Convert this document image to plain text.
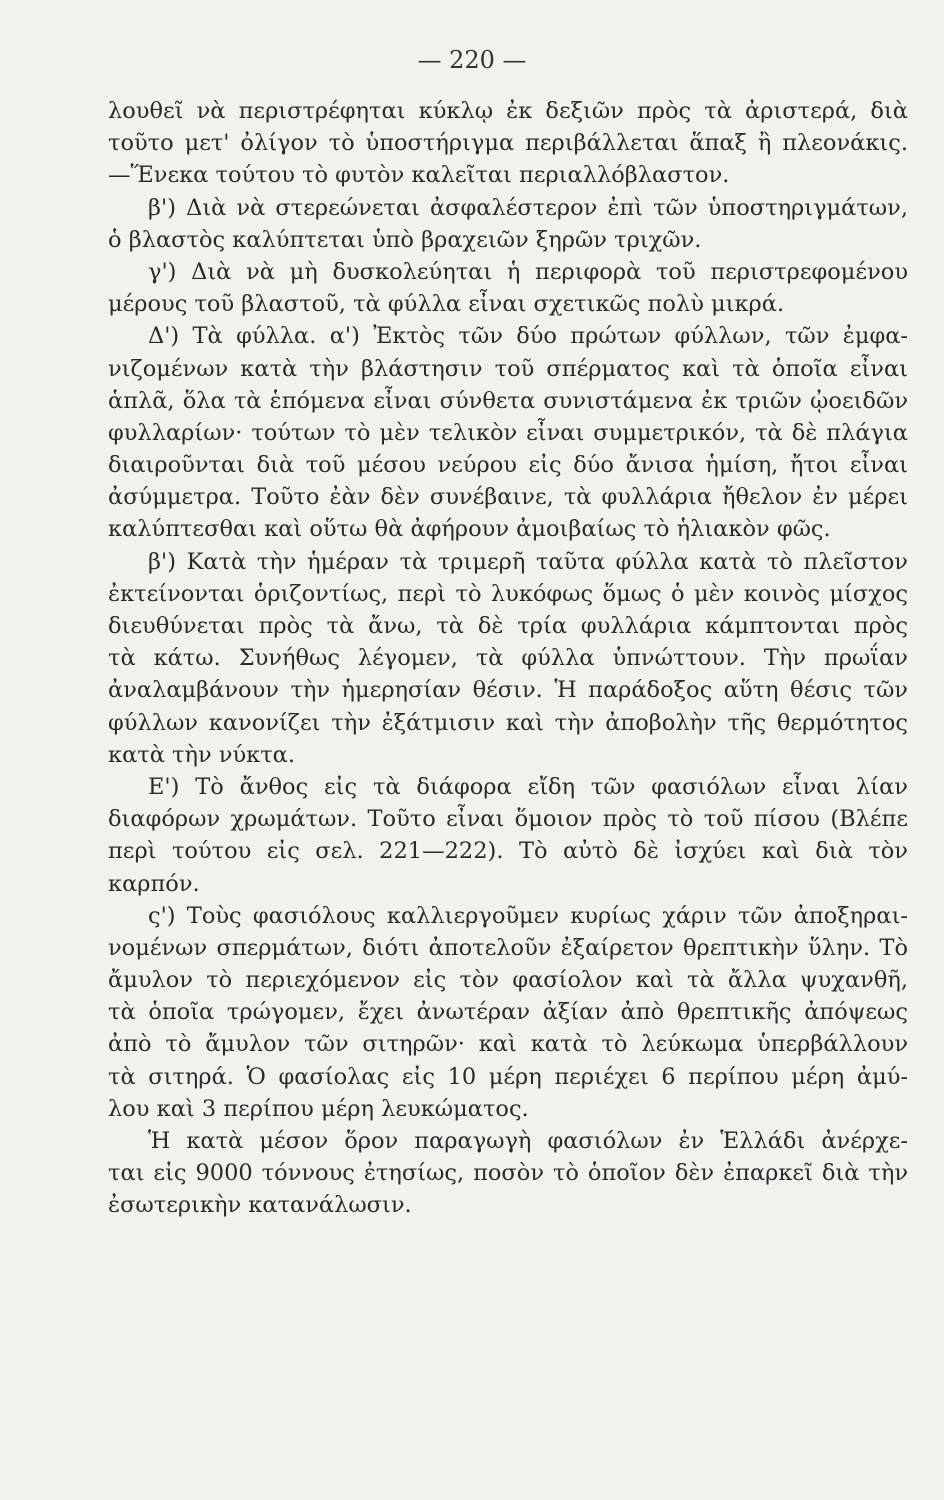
— 220 —
λουθεῖ νὰ περιστρέφηται κύκλῳ ἐκ δεξιῶν πρὸς τὰ ἀριστερά, διὰ
τοῦτο μετ' ὀλίγον τὸ ὑποστήριγμα περιβάλλεται ἅπαξ ἢ πλεονάκις.
—Ἕνεκα τούτου τὸ φυτὸν καλεῖται περιαλλόβλαστον.
β') Διὰ νὰ στερεώνεται ἀσφαλέστερον ἐπὶ τῶν ὑποστηριγμάτων,
ὁ βλαστὸς καλύπτεται ὑπὸ βραχειῶν ξηρῶν τριχῶν.
γ') Διὰ νὰ μὴ δυσκολεύηται ἡ περιφορὰ τοῦ περιστρεφομένου
μέρους τοῦ βλαστοῦ, τὰ φύλλα εἶναι σχετικῶς πολὺ μικρά.
Δ') Τὰ φύλλα. α') Ἐκτὸς τῶν δύο πρώτων φύλλων, τῶν ἐμφα-
νιζομένων κατὰ τὴν βλάστησιν τοῦ σπέρματος καὶ τὰ ὁποῖα εἶναι
ἁπλᾶ, ὅλα τὰ ἑπόμενα εἶναι σύνθετα συνιστάμενα ἐκ τριῶν ᾠοειδῶν
φυλλαρίων· τούτων τὸ μὲν τελικὸν εἶναι συμμετρικόν, τὰ δὲ πλάγια
διαιροῦνται διὰ τοῦ μέσου νεύρου εἰς δύο ἄνισα ἡμίση, ἤτοι εἶναι
ἀσύμμετρα. Τοῦτο ἐὰν δὲν συνέβαινε, τὰ φυλλάρια ἤθελον ἐν μέρει
καλύπτεσθαι καὶ οὕτω θὰ ἀφήρουν ἀμοιβαίως τὸ ἡλιακὸν φῶς.
β') Κατὰ τὴν ἡμέραν τὰ τριμερῆ ταῦτα φύλλα κατὰ τὸ πλεῖστον
ἐκτείνονται ὁριζοντίως, περὶ τὸ λυκόφως ὅμως ὁ μὲν κοινὸς μίσχος
διευθύνεται πρὸς τὰ ἄνω, τὰ δὲ τρία φυλλάρια κάμπτονται πρὸς
τὰ κάτω. Συνήθως λέγομεν, τὰ φύλλα ὑπνώττουν. Τὴν πρωΐαν
ἀναλαμβάνουν τὴν ἡμερησίαν θέσιν. Ἡ παράδοξος αὕτη θέσις τῶν
φύλλων κανονίζει τὴν ἐξάτμισιν καὶ τὴν ἀποβολὴν τῆς θερμότητος
κατὰ τὴν νύκτα.
Ε') Τὸ ἄνθος εἰς τὰ διάφορα εἴδη τῶν φασιόλων εἶναι λίαν
διαφόρων χρωμάτων. Τοῦτο εἶναι ὅμοιον πρὸς τὸ τοῦ πίσου (Βλέπε
περὶ τούτου εἰς σελ. 221—222). Τὸ αὐτὸ δὲ ἰσχύει καὶ διὰ τὸν
καρπόν.
ς') Τοὺς φασιόλους καλλιεργοῦμεν κυρίως χάριν τῶν ἀποξηραι-
νομένων σπερμάτων, διότι ἀποτελοῦν ἐξαίρετον θρεπτικὴν ὕλην. Τὸ
ἄμυλον τὸ περιεχόμενον εἰς τὸν φασίολον καὶ τὰ ἄλλα ψυχανθῆ,
τὰ ὁποῖα τρώγομεν, ἔχει ἀνωτέραν ἀξίαν ἀπὸ θρεπτικῆς ἀπόψεως
ἀπὸ τὸ ἄμυλον τῶν σιτηρῶν· καὶ κατὰ τὸ λεύκωμα ὑπερβάλλουν
τὰ σιτηρά. Ὁ φασίολας εἰς 10 μέρη περιέχει 6 περίπου μέρη ἀμύ-
λου καὶ 3 περίπου μέρη λευκώματος.
Ἡ κατὰ μέσον ὅρον παραγωγὴ φασιόλων ἐν Ἑλλάδι ἀνέρχε-
ται εἰς 9000 τόννους ἐτησίως, ποσὸν τὸ ὁποῖον δὲν ἐπαρκεῖ διὰ τὴν
ἐσωτερικὴν κατανάλωσιν.
